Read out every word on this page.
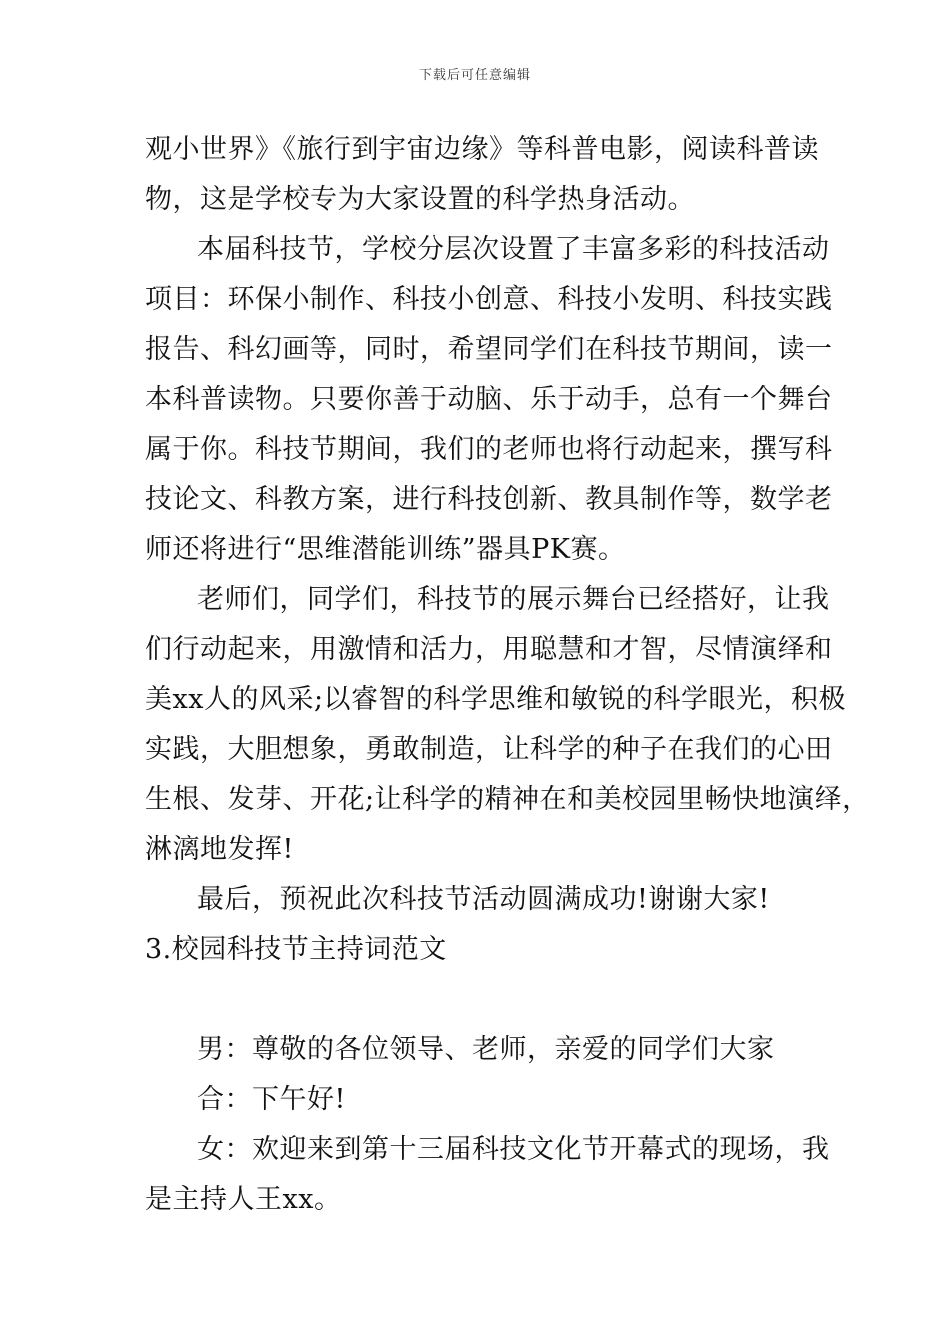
下载后可任意编辑
观小世界》《旅行到宇宙边缘》等科普电影，阅读科普读
物，这是学校专为大家设置的科学热身活动。
本届科技节，学校分层次设置了丰富多彩的科技活动
项目：环保小制作、科技小创意、科技小发明、科技实践
报告、科幻画等，同时，希望同学们在科技节期间，读一
本科普读物。只要你善于动脑、乐于动手，总有一个舞台
属于你。科技节期间，我们的老师也将行动起来，撰写科
技论文、科教方案，进行科技创新、教具制作等，数学老
师还将进行“思维潜能训练”器具PK赛。
老师们，同学们，科技节的展示舞台已经搭好，让我
们行动起来，用激情和活力，用聪慧和才智，尽情演绎和
美xx人的风采;以睿智的科学思维和敏锐的科学眼光，积极
实践，大胆想象，勇敢制造，让科学的种子在我们的心田
生根、发芽、开花;让科学的精神在和美校园里畅快地演绎，
淋漓地发挥!
最后，预祝此次科技节活动圆满成功!谢谢大家!
3.校园科技节主持词范文
男：尊敬的各位领导、老师，亲爱的同学们大家
合：下午好!
女：欢迎来到第十三届科技文化节开幕式的现场，我
是主持人王xx。
